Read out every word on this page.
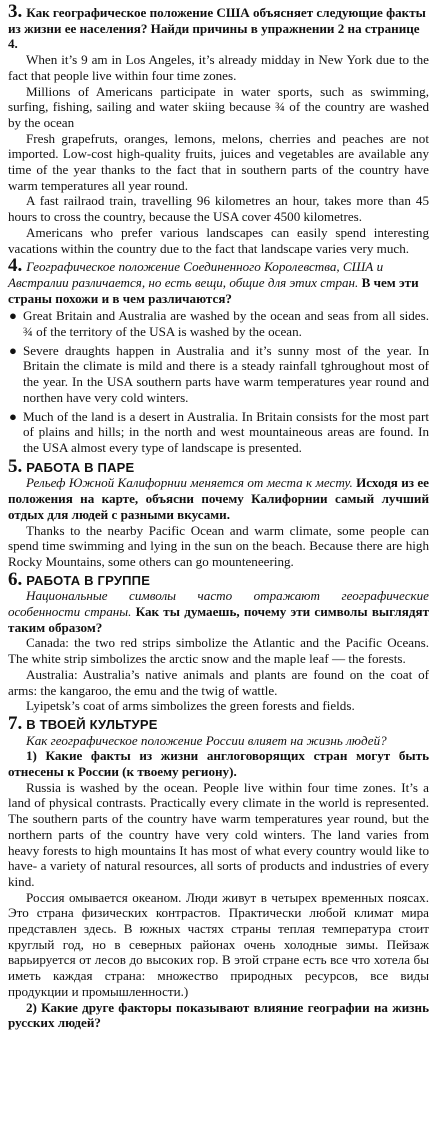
3. Как географическое положение США объясняет следующие факты из жизни ее населения? Найди причины в упражнении 2 на странице 4.

When it’s 9 am in Los Angeles, it’s already midday in New York due to the fact that people live within four time zones.

Millions of Americans participate in water sports, such as swimming, surfing, fishing, sailing and water skiing because ¾ of the country are washed by the ocean

Fresh grapefruts, oranges, lemons, melons, cherries and peaches are not imported. Low-cost high-quality fruits, juices and vegetables are available any time of the year thanks to the fact that in southern parts of the country have warm temperatures all year round.

A fast railraod train, travelling 96 kilometres an hour, takes more than 45 hours to cross the country, because the USA cover 4500 kilometres.

Americans who prefer various landscapes can easily spend interesting vacations within the country due to the fact that landscape varies very much.

4. Географическое положение Соединенного Королевства, США и Австралии различается, но есть вещи, общие для этих стран. В чем эти страны похожи и в чем различаются?
● Great Britain and Australia are washed by the ocean and seas from all sides. ¾ of the territory of the USA is washed by the ocean.
● Severe draughts happen in Australia and it’s sunny most of the year. In Britain the climate is mild and there is a steady rainfall tghroughout most of the year. In the USA southern parts have warm temperatures year round and northen have very cold winters.
● Much of the land is a desert in Australia. In Britain consists for the most part of plains and hills; in the north and west mountaineous areas are found. In the USA almost every type of landscape is presented.
5. РАБОТА В ПАРЕ

Рельеф Южной Калифорнии меняется от места к месту. Исходя из ее положения на карте, объясни почему Калифорнии самый лучший отдых для людей с разными вкусами.

Thanks to the nearby Pacific Ocean and warm climate, some people can spend time swimming and lying in the sun on the beach. Because there are high Rocky Mountains, some others can go mounteneering.

6. РАБОТА В ГРУППЕ

Национальные символы часто отражают географические особенности страны. Как ты думаешь, почему эти символы выглядят таким образом?

Canada: the two red strips simbolize the Atlantic and the Pacific Oceans. The white strip simbolizes the arctic snow and the maple leaf — the forests.

Australia: Australia’s native animals and plants are found on the coat of arms: the kangaroo, the emu and the twig of wattle.

Lyipetsk’s coat of arms simbolizes the green forests and fields.

7. В ТВОЕЙ КУЛЬТУРЕ

Как географическое положение России влияет на жизнь людей?

1) Какие факты из жизни англоговорящих стран могут быть отнесены к России (к твоему региону).

Russia is washed by the ocean. People live within four time zones. It’s a land of physical contrasts. Practically every climate in the world is represented. The southern parts of the country have warm temperatures year round, but the northern parts of the country have very cold winters. The land varies from heavy forests to high mountains It has most of what every country would like to have- a variety of natural resources, all sorts of products and industries of every kind.

Россия омывается океаном. Люди живут в четырех временных поясах. Это страна физических контрастов. Практически любой климат мира представлен здесь. В южных частях страны теплая температура стоит круглый год, но в северных районах очень холодные зимы. Пейзаж варьируется от лесов до высоких гор. В этой стране есть все что хотела бы иметь каждая страна: множество природных ресурсов, все виды продукции и промышленности.)

2) Какие друге факторы показывают влияние географии на жизнь русских людей?
